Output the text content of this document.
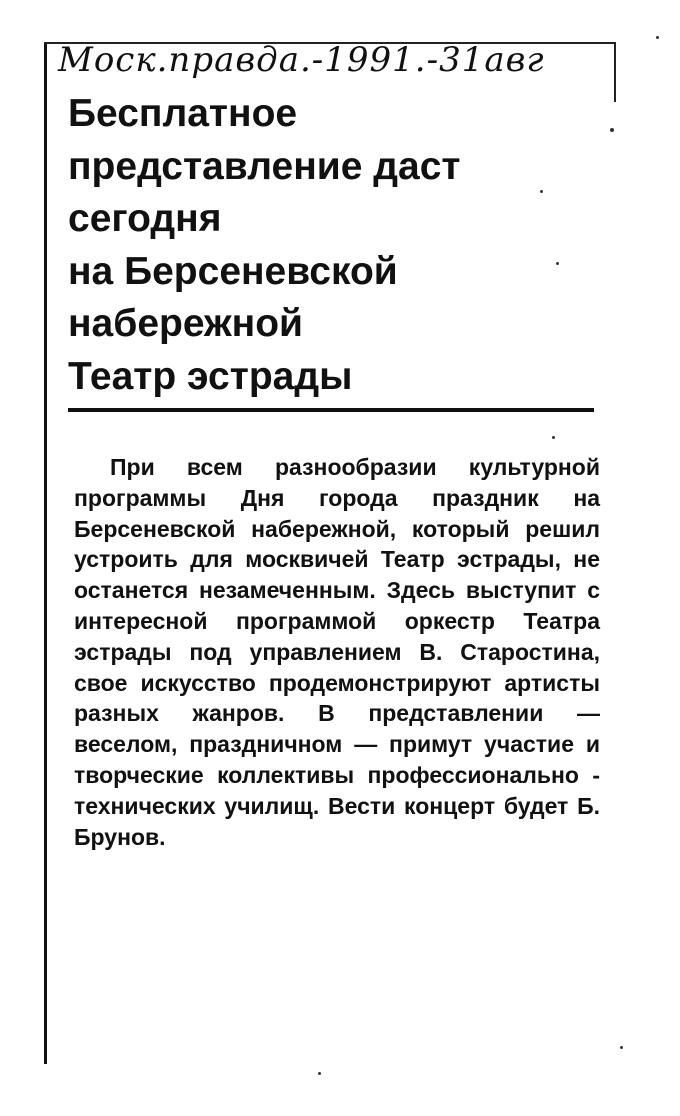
Моск.правда.-1991.-31авг
Бесплатное
представление даст
сегодня
на Берсеневской
набережной
Театр эстрады

При всем разнообразии культурной программы Дня города праздник на Берсеневской набережной, который решил устроить для москвичей Театр эстрады, не останется незамеченным. Здесь выступит с интересной программой оркестр Театра эстрады под управлением В. Старостина, свое искусство продемонстрируют артисты разных жанров. В представлении — веселом, праздничном — примут участие и творческие коллективы профессионально - технических училищ. Вести концерт будет Б. Брунов.
